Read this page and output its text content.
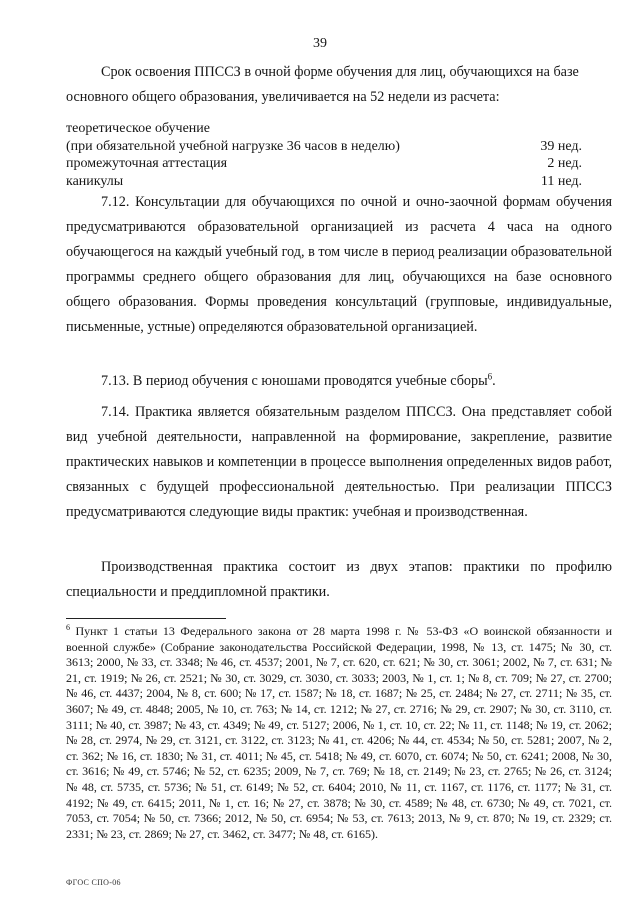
39

Срок освоения ППССЗ в очной форме обучения для лиц, обучающихся на базе

основного общего образования, увеличивается на 52 недели из расчета:

теоретическое обучение
(при обязательной учебной нагрузке 36 часов в неделю)	39 нед.
промежуточная аттестация	2 нед.
каникулы	11 нед.

7.12. Консультации для обучающихся по очной и очно-заочной формам обучения предусматриваются образовательной организацией из расчета 4 часа на одного обучающегося на каждый учебный год, в том числе в период реализации образовательной программы среднего общего образования для лиц, обучающихся на базе основного общего образования. Формы проведения консультаций (групповые, индивидуальные, письменные, устные) определяются образовательной организацией.

7.13. В период обучения с юношами проводятся учебные сборы$^6$.

7.14. Практика является обязательным разделом ППССЗ. Она представляет собой вид учебной деятельности, направленной на формирование, закрепление, развитие практических навыков и компетенции в процессе выполнения определенных видов работ, связанных с будущей профессиональной деятельностью. При реализации ППССЗ предусматриваются следующие виды практик: учебная и производственная.

Производственная практика состоит из двух этапов: практики по профилю специальности и преддипломной практики.

$^6$ Пункт 1 статьи 13 Федерального закона от 28 марта 1998 г. № 53-ФЗ «О воинской обязанности и военной службе» (Собрание законодательства Российской Федерации, 1998, № 13, ст. 1475; № 30, ст. 3613; 2000, № 33, ст. 3348; № 46, ст. 4537; 2001, № 7, ст. 620, ст. 621; № 30, ст. 3061; 2002, № 7, ст. 631; № 21, ст. 1919; № 26, ст. 2521; № 30, ст. 3029, ст. 3030, ст. 3033; 2003, № 1, ст. 1; № 8, ст. 709; № 27, ст. 2700; № 46, ст. 4437; 2004, № 8, ст. 600; № 17, ст. 1587; № 18, ст. 1687; № 25, ст. 2484; № 27, ст. 2711; № 35, ст. 3607; № 49, ст. 4848; 2005, № 10, ст. 763; № 14, ст. 1212; № 27, ст. 2716; № 29, ст. 2907; № 30, ст. 3110, ст. 3111; № 40, ст. 3987; № 43, ст. 4349; № 49, ст. 5127; 2006, № 1, ст. 10, ст. 22; № 11, ст. 1148; № 19, ст. 2062; № 28, ст. 2974, № 29, ст. 3121, ст. 3122, ст. 3123; № 41, ст. 4206; № 44, ст. 4534; № 50, ст. 5281; 2007, № 2, ст. 362; № 16, ст. 1830; № 31, ст. 4011; № 45, ст. 5418; № 49, ст. 6070, ст. 6074; № 50, ст. 6241; 2008, № 30, ст. 3616; № 49, ст. 5746; № 52, ст. 6235; 2009, № 7, ст. 769; № 18, ст. 2149; № 23, ст. 2765; № 26, ст. 3124; № 48, ст. 5735, ст. 5736; № 51, ст. 6149; № 52, ст. 6404; 2010, № 11, ст. 1167, ст. 1176, ст. 1177; № 31, ст. 4192; № 49, ст. 6415; 2011, № 1, ст. 16; № 27, ст. 3878; № 30, ст. 4589; № 48, ст. 6730; № 49, ст. 7021, ст. 7053, ст. 7054; № 50, ст. 7366; 2012, № 50, ст. 6954; № 53, ст. 7613; 2013, № 9, ст. 870; № 19, ст. 2329; ст. 2331; № 23, ст. 2869; № 27, ст. 3462, ст. 3477; № 48, ст. 6165).
ФГОС СПО-06
